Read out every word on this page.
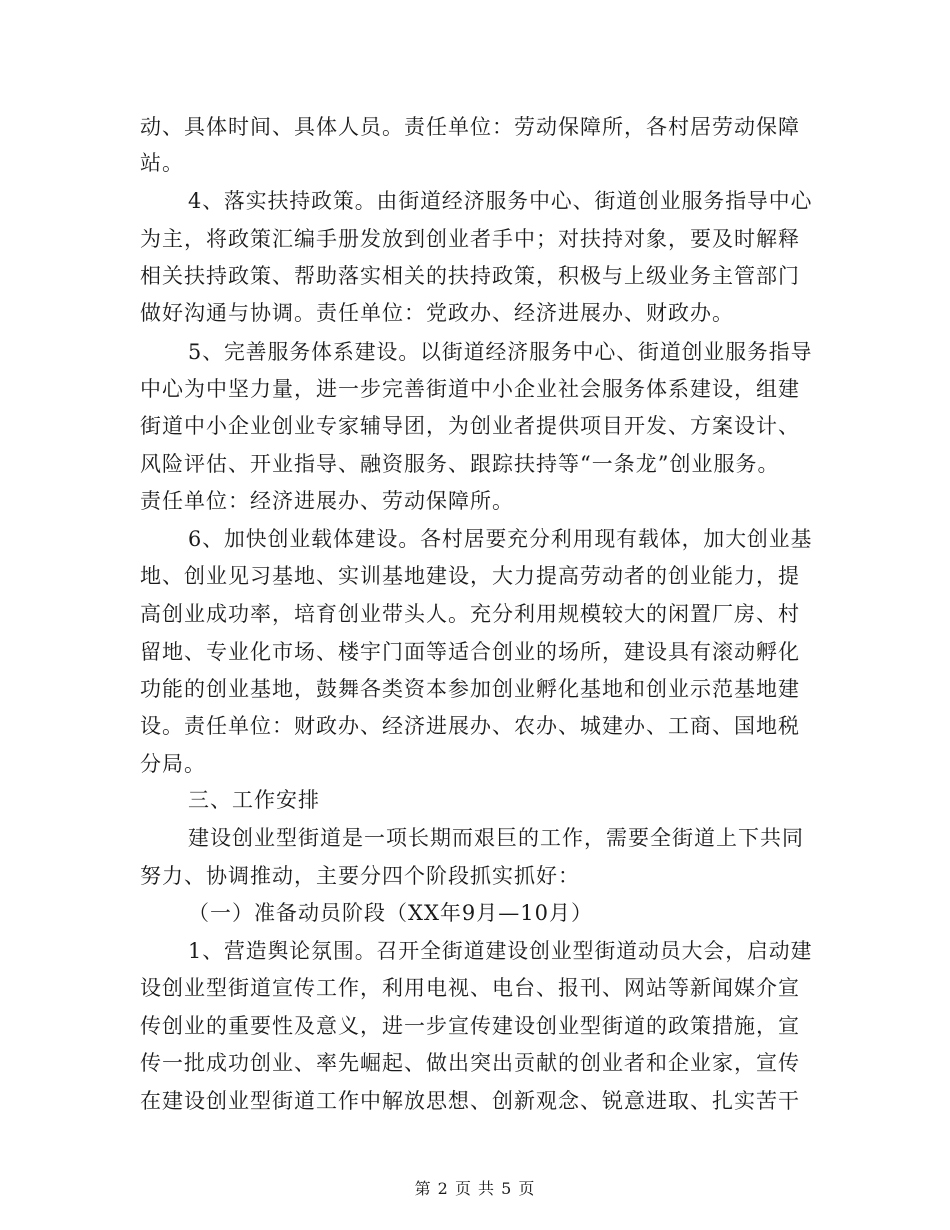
动、具体时间、具体人员。责任单位：劳动保障所，各村居劳动保障
站。
4、落实扶持政策。由街道经济服务中心、街道创业服务指导中心
为主，将政策汇编手册发放到创业者手中；对扶持对象，要及时解释
相关扶持政策、帮助落实相关的扶持政策，积极与上级业务主管部门
做好沟通与协调。责任单位：党政办、经济进展办、财政办。
5、完善服务体系建设。以街道经济服务中心、街道创业服务指导
中心为中坚力量，进一步完善街道中小企业社会服务体系建设，组建
街道中小企业创业专家辅导团，为创业者提供项目开发、方案设计、
风险评估、开业指导、融资服务、跟踪扶持等“一条龙”创业服务。
责任单位：经济进展办、劳动保障所。
6、加快创业载体建设。各村居要充分利用现有载体，加大创业基
地、创业见习基地、实训基地建设，大力提高劳动者的创业能力，提
高创业成功率，培育创业带头人。充分利用规模较大的闲置厂房、村
留地、专业化市场、楼宇门面等适合创业的场所，建设具有滚动孵化
功能的创业基地，鼓舞各类资本参加创业孵化基地和创业示范基地建
设。责任单位：财政办、经济进展办、农办、城建办、工商、国地税
分局。
三、工作安排
建设创业型街道是一项长期而艰巨的工作，需要全街道上下共同
努力、协调推动，主要分四个阶段抓实抓好：
（一）准备动员阶段（XX年9月—10月）
1、营造舆论氛围。召开全街道建设创业型街道动员大会，启动建
设创业型街道宣传工作，利用电视、电台、报刊、网站等新闻媒介宣
传创业的重要性及意义，进一步宣传建设创业型街道的政策措施，宣
传一批成功创业、率先崛起、做出突出贡献的创业者和企业家，宣传
在建设创业型街道工作中解放思想、创新观念、锐意进取、扎实苦干
第 2 页 共 5 页
